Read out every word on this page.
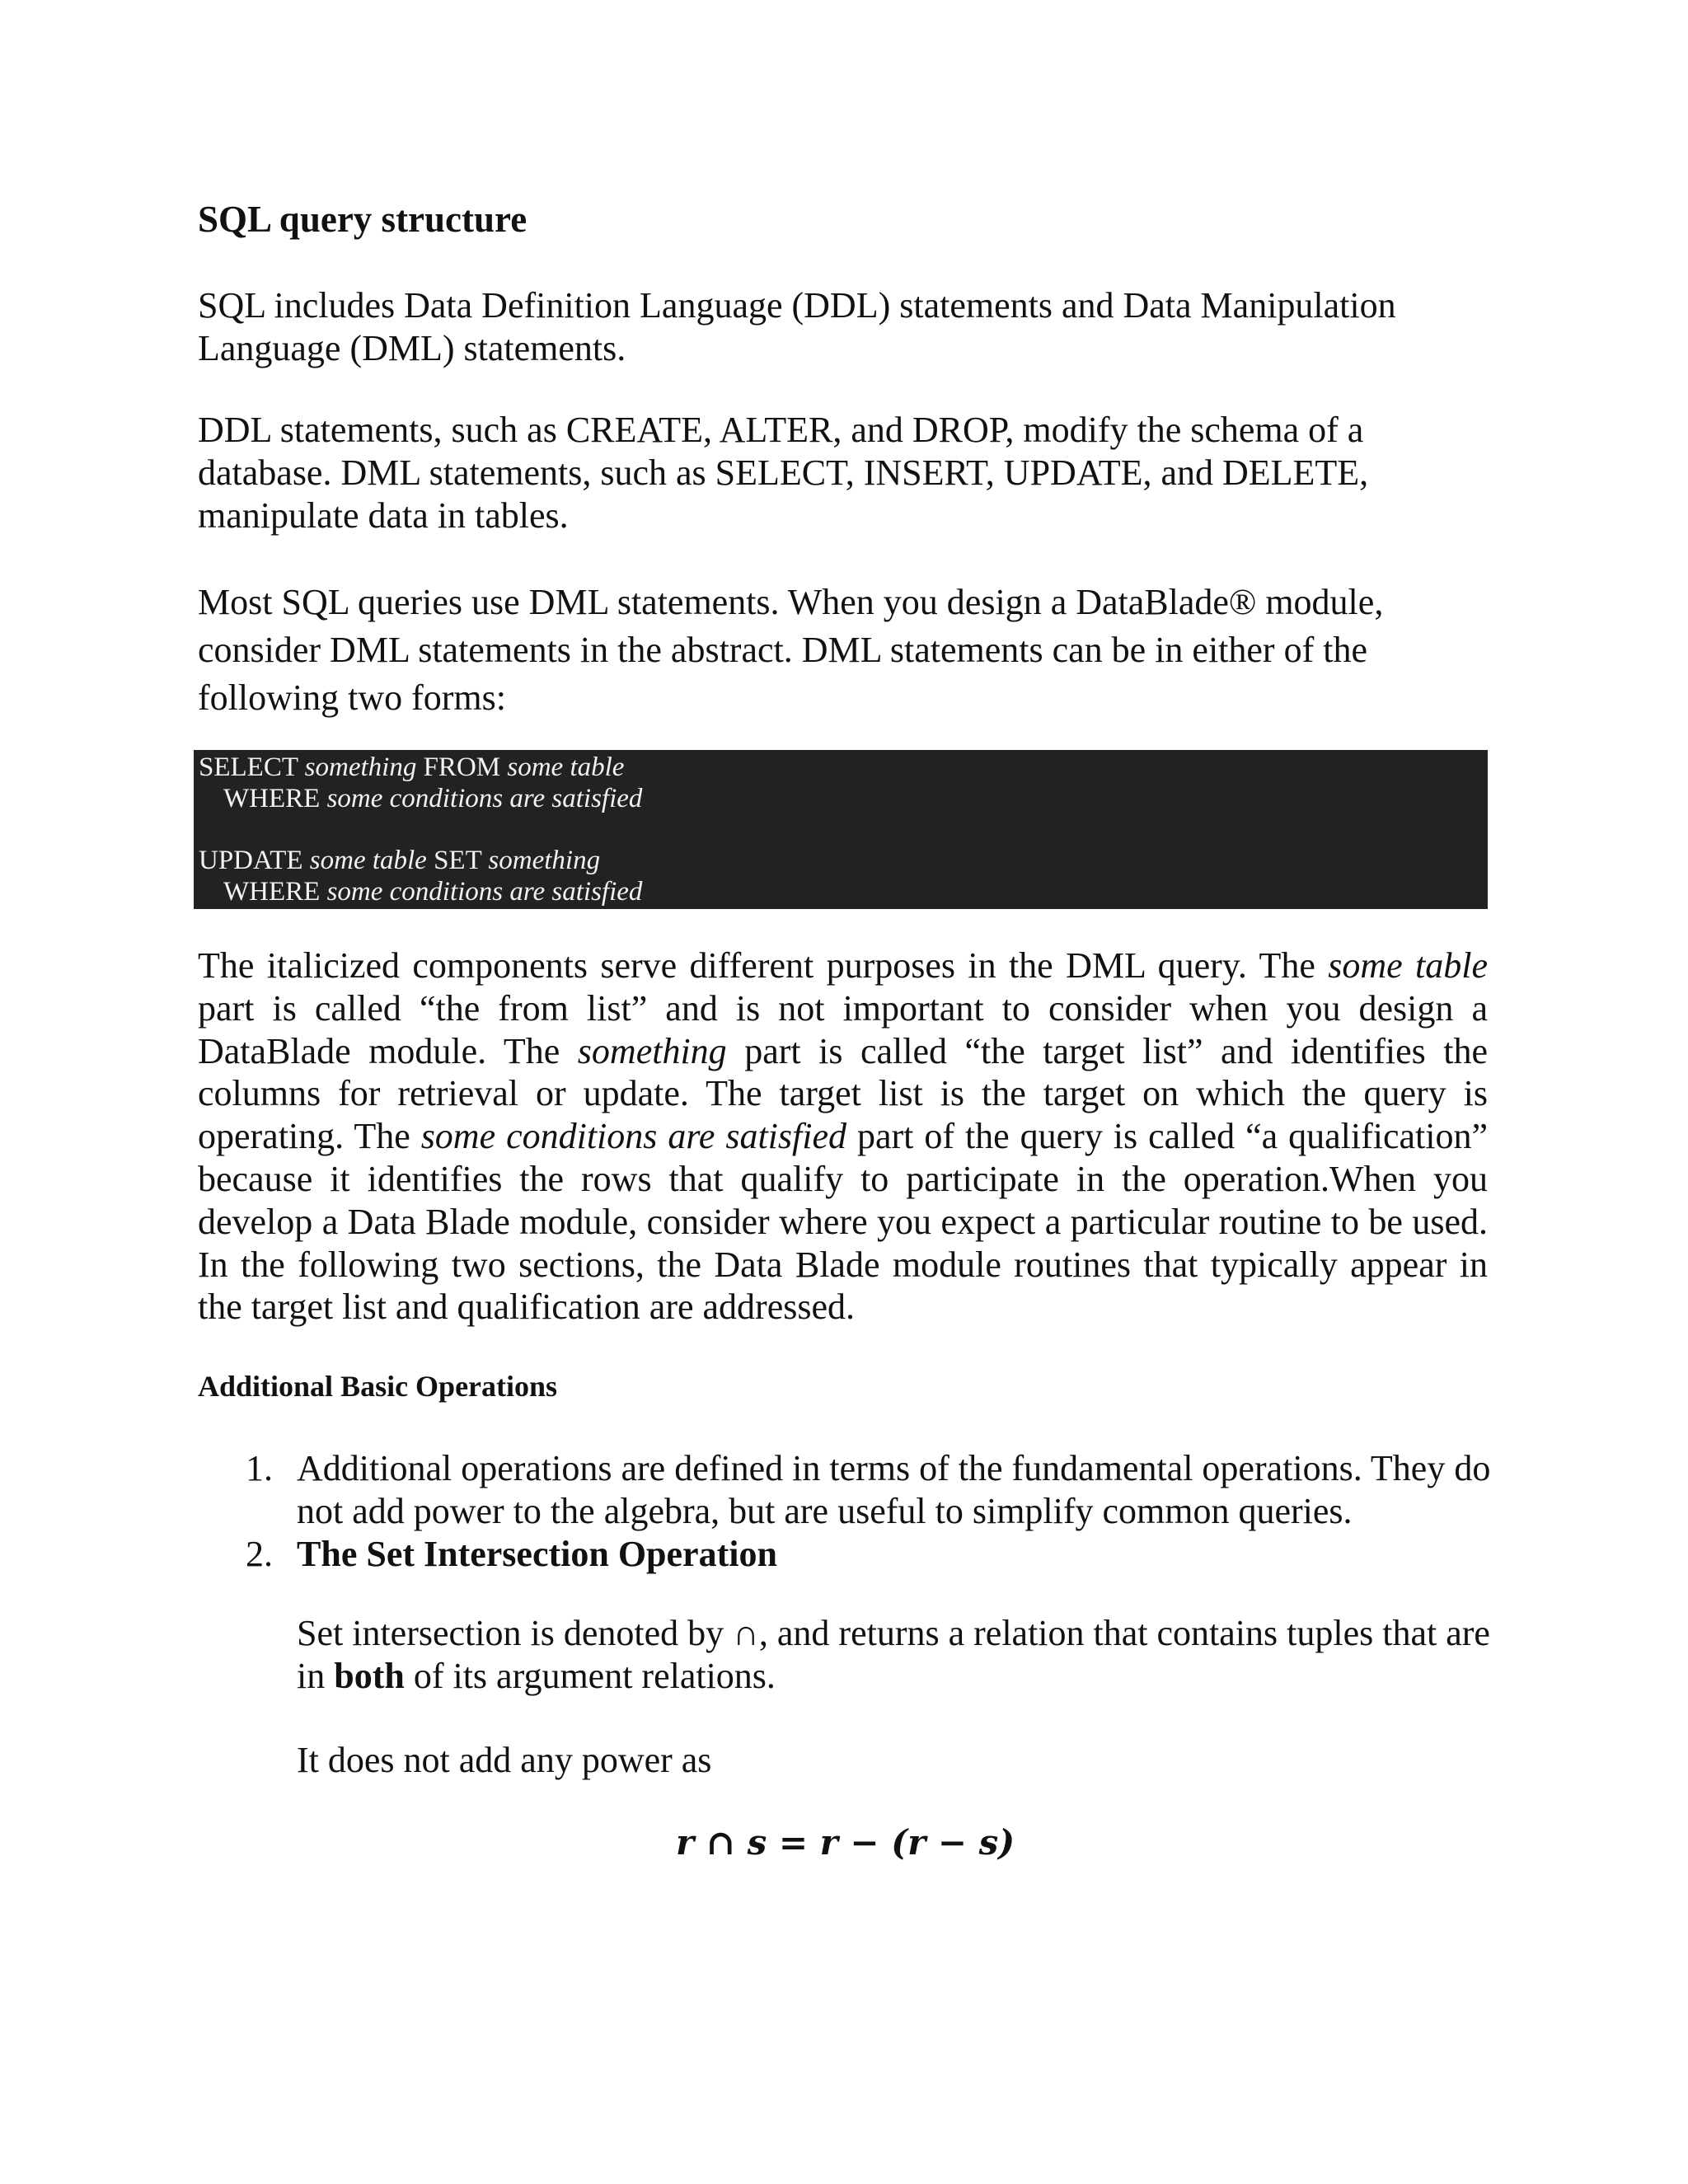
SQL query structure

SQL includes Data Definition Language (DDL) statements and Data Manipulation Language (DML) statements.

DDL statements, such as CREATE, ALTER, and DROP, modify the schema of a database. DML statements, such as SELECT, INSERT, UPDATE, and DELETE, manipulate data in tables.

Most SQL queries use DML statements. When you design a DataBlade® module, consider DML statements in the abstract. DML statements can be in either of the following two forms:

SELECT something FROM some table
WHERE some conditions are satisfied
UPDATE some table SET something
WHERE some conditions are satisfied

The italicized components serve different purposes in the DML query. The some table part is called “the from list” and is not important to consider when you design a DataBlade module. The something part is called “the target list” and identifies the columns for retrieval or update. The target list is the target on which the query is operating. The some conditions are satisfied part of the query is called “a qualification” because it identifies the rows that qualify to participate in the operation.When you develop a Data Blade module, consider where you expect a particular routine to be used. In the following two sections, the Data Blade module routines that typically appear in the target list and qualification are addressed.

Additional Basic Operations
1. Additional operations are defined in terms of the fundamental operations. They do not add power to the algebra, but are useful to simplify common queries.
2. The Set Intersection Operation

Set intersection is denoted by ∩, and returns a relation that contains tuples that are in both of its argument relations.

It does not add any power as

r ∩ s = r − (r − s)
